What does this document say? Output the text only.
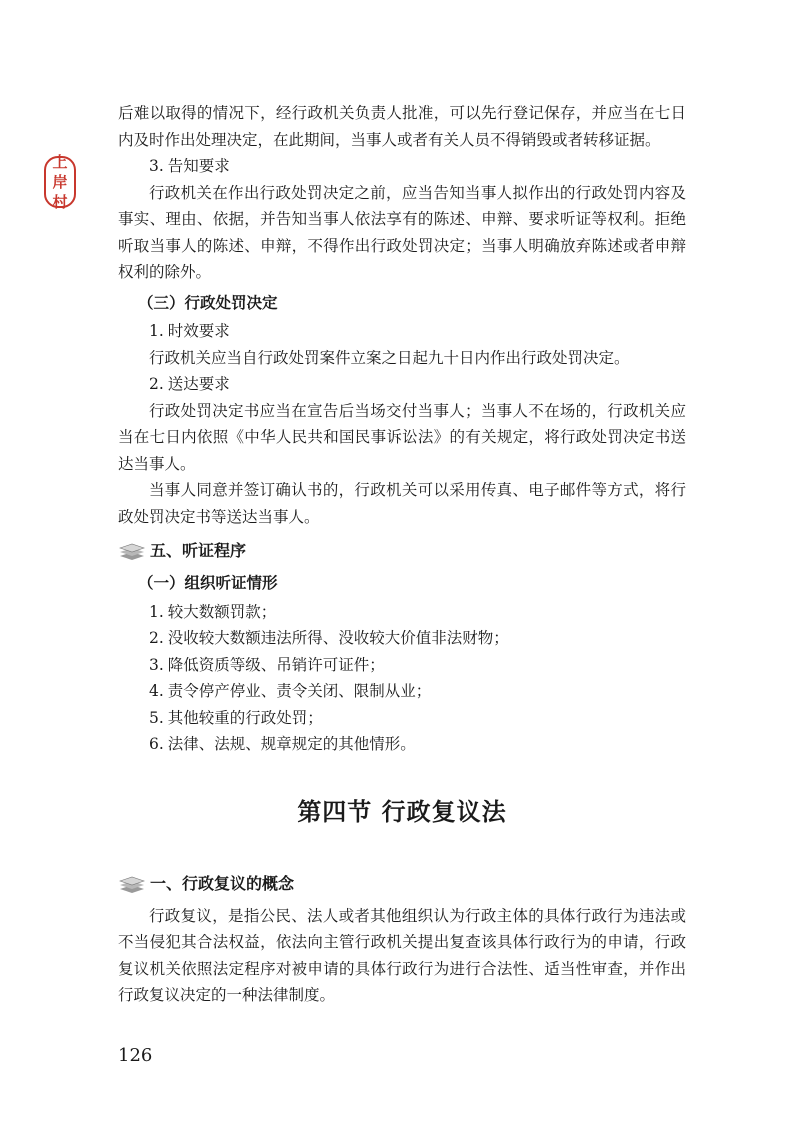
上岸村

后难以取得的情况下，经行政机关负责人批准，可以先行登记保存，并应当在七日内及时作出处理决定，在此期间，当事人或者有关人员不得销毁或者转移证据。

3. 告知要求

行政机关在作出行政处罚决定之前，应当告知当事人拟作出的行政处罚内容及事实、理由、依据，并告知当事人依法享有的陈述、申辩、要求听证等权利。拒绝听取当事人的陈述、申辩，不得作出行政处罚决定；当事人明确放弃陈述或者申辩权利的除外。

（三）行政处罚决定

1. 时效要求

行政机关应当自行政处罚案件立案之日起九十日内作出行政处罚决定。

2. 送达要求

行政处罚决定书应当在宣告后当场交付当事人；当事人不在场的，行政机关应当在七日内依照《中华人民共和国民事诉讼法》的有关规定，将行政处罚决定书送达当事人。

当事人同意并签订确认书的，行政机关可以采用传真、电子邮件等方式，将行政处罚决定书等送达当事人。

五、听证程序
（一）组织听证情形

1. 较大数额罚款；

2. 没收较大数额违法所得、没收较大价值非法财物；

3. 降低资质等级、吊销许可证件；

4. 责令停产停业、责令关闭、限制从业；

5. 其他较重的行政处罚；

6. 法律、法规、规章规定的其他情形。

第四节 行政复议法
一、行政复议的概念

行政复议，是指公民、法人或者其他组织认为行政主体的具体行政行为违法或不当侵犯其合法权益，依法向主管行政机关提出复查该具体行政行为的申请，行政复议机关依照法定程序对被申请的具体行政行为进行合法性、适当性审查，并作出行政复议决定的一种法律制度。

126
